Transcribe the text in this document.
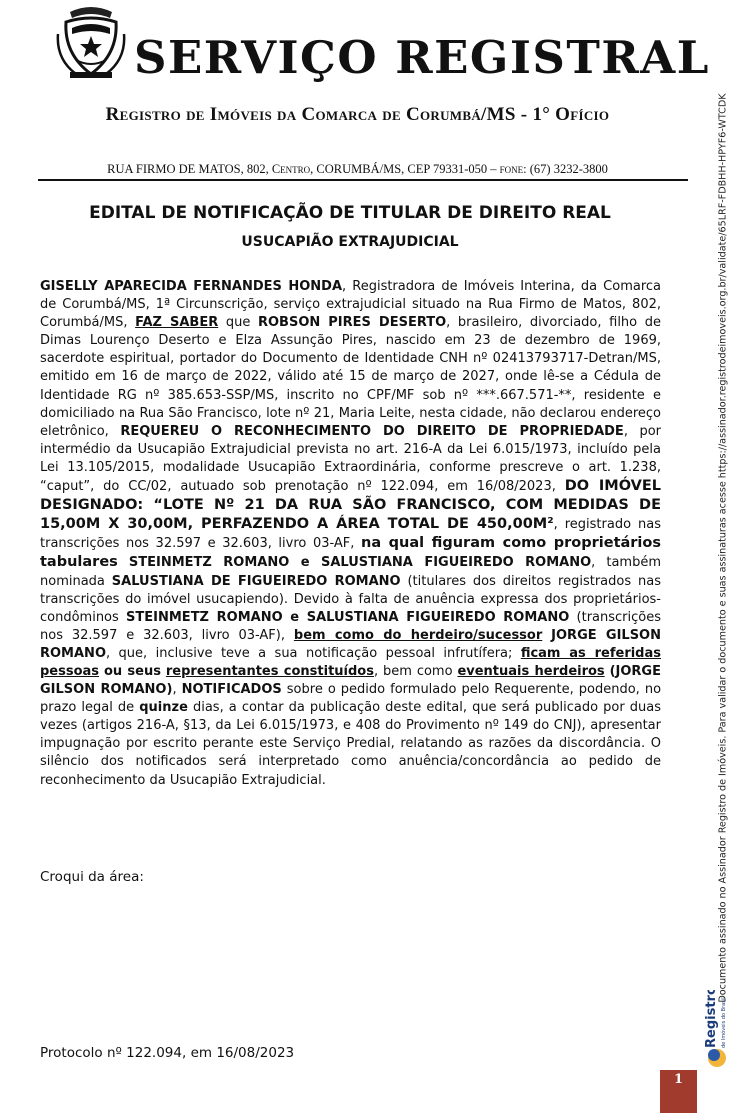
SERVIÇO REGISTRAL
Registro de Imóveis da Comarca de Corumbá/MS - 1° Ofício
RUA FIRMO DE MATOS, 802, Centro, CORUMBÁ/MS, CEP 79331-050 – fone: (67) 3232-3800
EDITAL DE NOTIFICAÇÃO DE TITULAR DE DIREITO REAL
USUCAPIÃO EXTRAJUDICIAL
GISELLY APARECIDA FERNANDES HONDA, Registradora de Imóveis Interina, da Comarca de Corumbá/MS, 1ª Circunscrição, serviço extrajudicial situado na Rua Firmo de Matos, 802, Corumbá/MS, FAZ SABER que ROBSON PIRES DESERTO, brasileiro, divorciado, filho de Dimas Lourenço Deserto e Elza Assunção Pires, nascido em 23 de dezembro de 1969, sacerdote espiritual, portador do Documento de Identidade CNH nº 02413793717-Detran/MS, emitido em 16 de março de 2022, válido até 15 de março de 2027, onde lê-se a Cédula de Identidade RG nº 385.653-SSP/MS, inscrito no CPF/MF sob nº ***.667.571-**, residente e domiciliado na Rua São Francisco, lote nº 21, Maria Leite, nesta cidade, não declarou endereço eletrônico, REQUEREU O RECONHECIMENTO DO DIREITO DE PROPRIEDADE, por intermédio da Usucapião Extrajudicial prevista no art. 216-A da Lei 6.015/1973, incluído pela Lei 13.105/2015, modalidade Usucapião Extraordinária, conforme prescreve o art. 1.238, “caput”, do CC/02, autuado sob prenotação nº 122.094, em 16/08/2023, DO IMÓVEL DESIGNADO: “LOTE Nº 21 DA RUA SÃO FRANCISCO, COM MEDIDAS DE 15,00M X 30,00M, PERFAZENDO A ÁREA TOTAL DE 450,00M², registrado nas transcrições nos 32.597 e 32.603, livro 03-AF, na qual figuram como proprietários tabulares STEINMETZ ROMANO e SALUSTIANA FIGUEIREDO ROMANO, também nominada SALUSTIANA DE FIGUEIREDO ROMANO (titulares dos direitos registrados nas transcrições do imóvel usucapiendo). Devido à falta de anuência expressa dos proprietários-condôminos STEINMETZ ROMANO e SALUSTIANA FIGUEIREDO ROMANO (transcrições nos 32.597 e 32.603, livro 03-AF), bem como do herdeiro/sucessor JORGE GILSON ROMANO, que, inclusive teve a sua notificação pessoal infrutífera; ficam as referidas pessoas ou seus representantes constituídos, bem como eventuais herdeiros (JORGE GILSON ROMANO), NOTIFICADOS sobre o pedido formulado pelo Requerente, podendo, no prazo legal de quinze dias, a contar da publicação deste edital, que será publicado por duas vezes (artigos 216-A, §13, da Lei 6.015/1973, e 408 do Provimento nº 149 do CNJ), apresentar impugnação por escrito perante este Serviço Predial, relatando as razões da discordância. O silêncio dos notificados será interpretado como anuência/concordância ao pedido de reconhecimento da Usucapião Extrajudicial.
Croqui da área:
Protocolo nº 122.094, em 16/08/2023
Documento assinado no Assinador Registro de Imóveis. Para validar o documento e suas assinaturas acesse https://assinador.registrodeimoveis.org.br/validate/65LRF-FDBHH-HPYF6-WTCDK
Registro de Imóveis do Brasil
1
